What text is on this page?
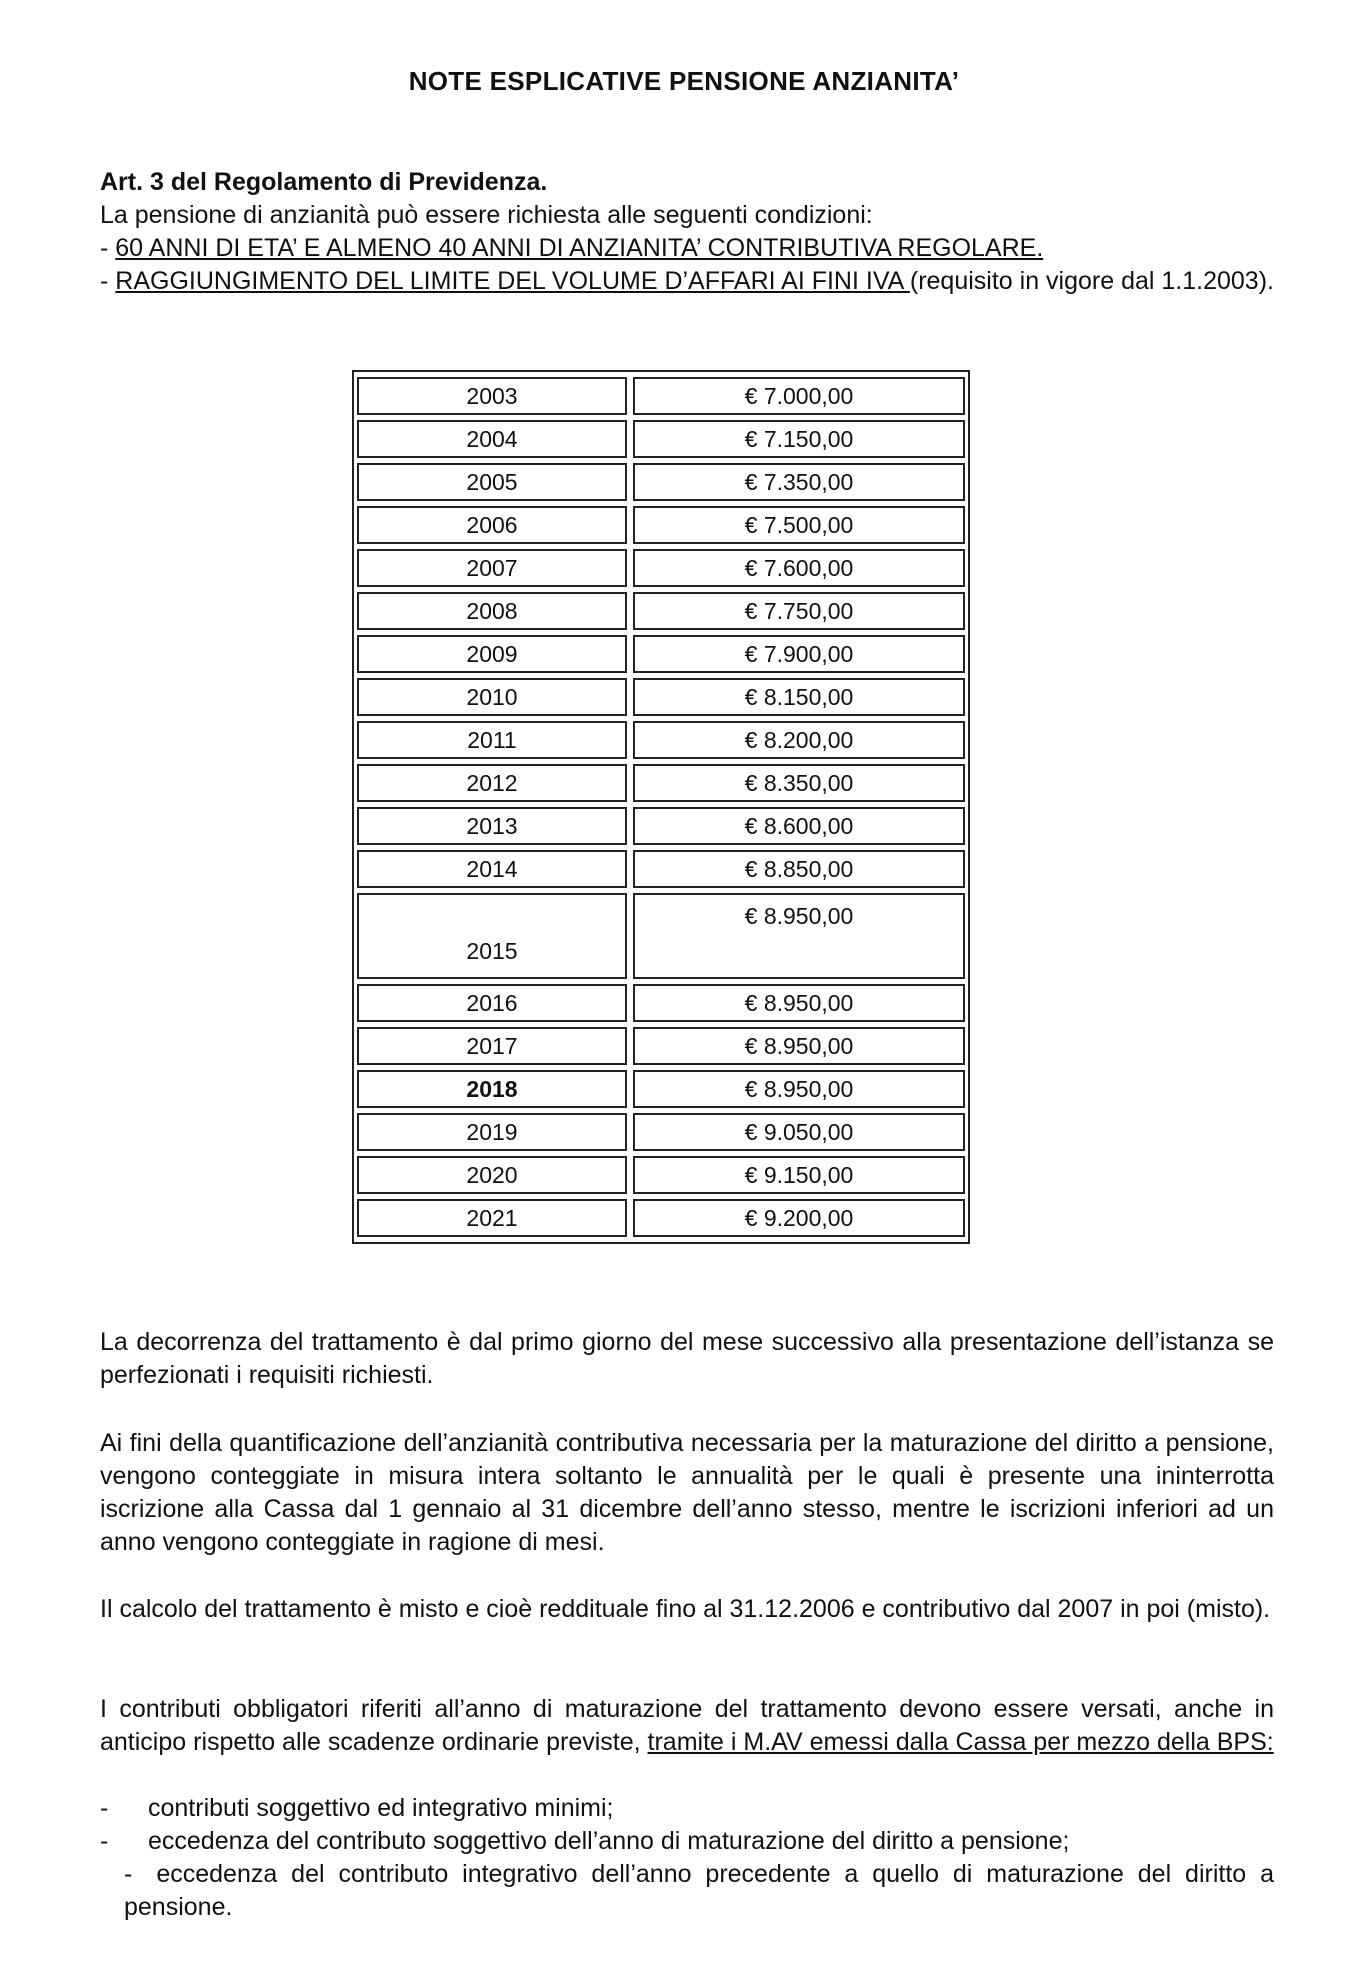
NOTE ESPLICATIVE PENSIONE ANZIANITA’
Art. 3 del Regolamento di Previdenza.
La pensione di anzianità può essere richiesta alle seguenti condizioni:
- 60 ANNI DI ETA’ E ALMENO 40 ANNI DI ANZIANITA’ CONTRIBUTIVA REGOLARE.
- RAGGIUNGIMENTO DEL LIMITE DEL VOLUME D’AFFARI AI FINI IVA (requisito in vigore dal 1.1.2003).
2003		€ 7.000,00
2004		€ 7.150,00
2005		€ 7.350,00
2006		€ 7.500,00
2007		€ 7.600,00
2008		€ 7.750,00
2009		€ 7.900,00
2010		€ 8.150,00
2011		€ 8.200,00
2012		€ 8.350,00
2013		€ 8.600,00
2014		€ 8.850,00
2015		€ 8.950,00
2016		€ 8.950,00
2017		€ 8.950,00
2018		€ 8.950,00
2019		€ 9.050,00
2020		€ 9.150,00
2021		€ 9.200,00
La decorrenza del trattamento è dal primo giorno del mese successivo alla presentazione dell’istanza se perfezionati i requisiti richiesti.
Ai fini della quantificazione dell’anzianità contributiva necessaria per la maturazione del diritto a pensione, vengono conteggiate in misura intera soltanto le annualità per le quali è presente una ininterrotta iscrizione alla Cassa dal 1 gennaio al 31 dicembre dell’anno stesso, mentre le iscrizioni inferiori ad un anno vengono conteggiate in ragione di mesi.
Il calcolo del trattamento è misto e cioè reddituale fino al 31.12.2006 e contributivo dal 2007 in poi (misto).
I contributi obbligatori riferiti all’anno di maturazione del trattamento devono essere versati, anche in anticipo rispetto alle scadenze ordinarie previste, tramite i M.AV emessi dalla Cassa per mezzo della BPS:
- contributi soggettivo ed integrativo minimi;
- eccedenza del contributo soggettivo dell’anno di maturazione del diritto a pensione;
- eccedenza del contributo integrativo dell’anno precedente a quello di maturazione del diritto a pensione.
